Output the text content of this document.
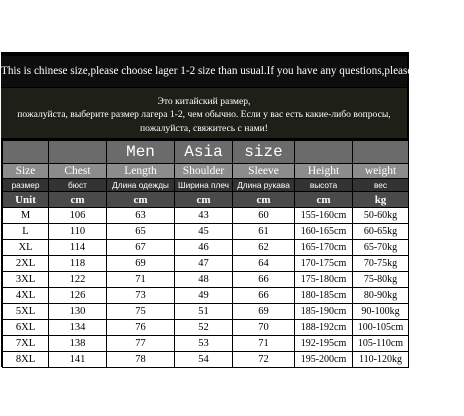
This is chinese size,please choose lager 1-2 size than usual.If you have any questions,please contact us!
Это китайский размер,
пожалуйста, выберите размер лагера 1-2, чем обычно. Если у вас есть какие-либо вопросы,
пожалуйста, свяжитесь с нами!
		Men	Asia	size		
Size	Chest	Length	Shoulder	Sleeve	Height	weight
размер	бюст	Длина одежды	Ширина плеч	Длина рукава	высота	вес
Unit	cm	cm	cm	cm	cm	kg
M	106	63	43	60	155-160cm	50-60kg
L	110	65	45	61	160-165cm	60-65kg
XL	114	67	46	62	165-170cm	65-70kg
2XL	118	69	47	64	170-175cm	70-75kg
3XL	122	71	48	66	175-180cm	75-80kg
4XL	126	73	49	66	180-185cm	80-90kg
5XL	130	75	51	69	185-190cm	90-100kg
6XL	134	76	52	70	188-192cm	100-105cm
7XL	138	77	53	71	192-195cm	105-110cm
8XL	141	78	54	72	195-200cm	110-120kg
